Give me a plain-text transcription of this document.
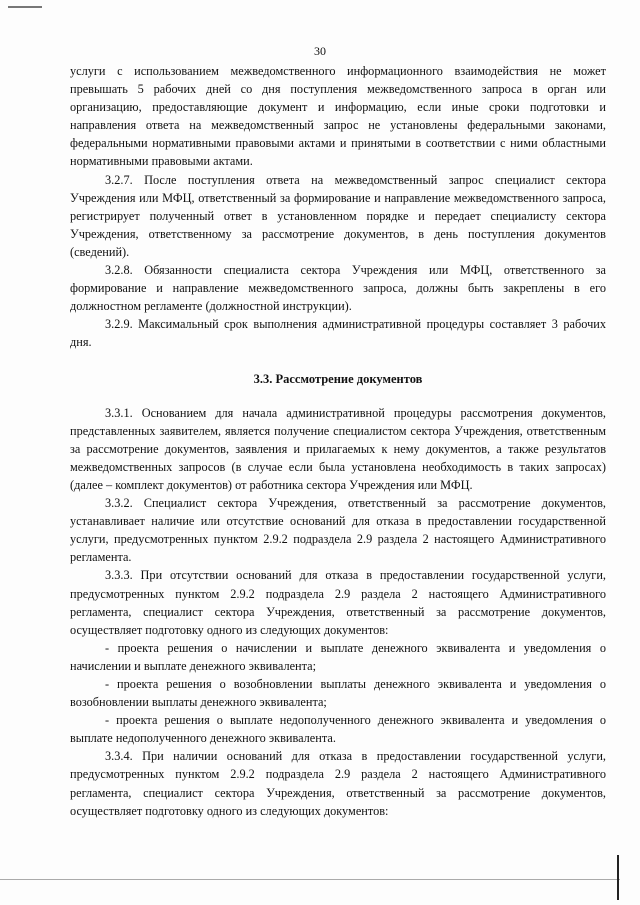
30

услуги с использованием межведомственного информационного взаимодействия не может превышать 5 рабочих дней со дня поступления межведомственного запроса в орган или организацию, предоставляющие документ и информацию, если иные сроки подготовки и направления ответа на межведомственный запрос не установлены федеральными законами, федеральными нормативными правовыми актами и принятыми в соответствии с ними областными нормативными правовыми актами.

3.2.7. После поступления ответа на межведомственный запрос специалист сектора Учреждения или МФЦ, ответственный за формирование и направление межведомственного запроса, регистрирует полученный ответ в установленном порядке и передает специалисту сектора Учреждения, ответственному за рассмотрение документов, в день поступления документов (сведений).

3.2.8. Обязанности специалиста сектора Учреждения или МФЦ, ответственного за формирование и направление межведомственного запроса, должны быть закреплены в его должностном регламенте (должностной инструкции).

3.2.9. Максимальный срок выполнения административной процедуры составляет 3 рабочих дня.

3.3. Рассмотрение документов

3.3.1. Основанием для начала административной процедуры рассмотрения документов, представленных заявителем, является получение специалистом сектора Учреждения, ответственным за рассмотрение документов, заявления и прилагаемых к нему документов, а также результатов межведомственных запросов (в случае если была установлена необходимость в таких запросах) (далее – комплект документов) от работника сектора Учреждения или МФЦ.

3.3.2. Специалист сектора Учреждения, ответственный за рассмотрение документов, устанавливает наличие или отсутствие оснований для отказа в предоставлении государственной услуги, предусмотренных пунктом 2.9.2 подраздела 2.9 раздела 2 настоящего Административного регламента.

3.3.3. При отсутствии оснований для отказа в предоставлении государственной услуги, предусмотренных пунктом 2.9.2 подраздела 2.9 раздела 2 настоящего Административного регламента, специалист сектора Учреждения, ответственный за рассмотрение документов, осуществляет подготовку одного из следующих документов:

- проекта решения о начислении и выплате денежного эквивалента и уведомления о начислении и выплате денежного эквивалента;

- проекта решения о возобновлении выплаты денежного эквивалента и уведомления о возобновлении выплаты денежного эквивалента;

- проекта решения о выплате недополученного денежного эквивалента и уведомления о выплате недополученного денежного эквивалента.

3.3.4. При наличии оснований для отказа в предоставлении государственной услуги, предусмотренных пунктом 2.9.2 подраздела 2.9 раздела 2 настоящего Административного регламента, специалист сектора Учреждения, ответственный за рассмотрение документов, осуществляет подготовку одного из следующих документов:
